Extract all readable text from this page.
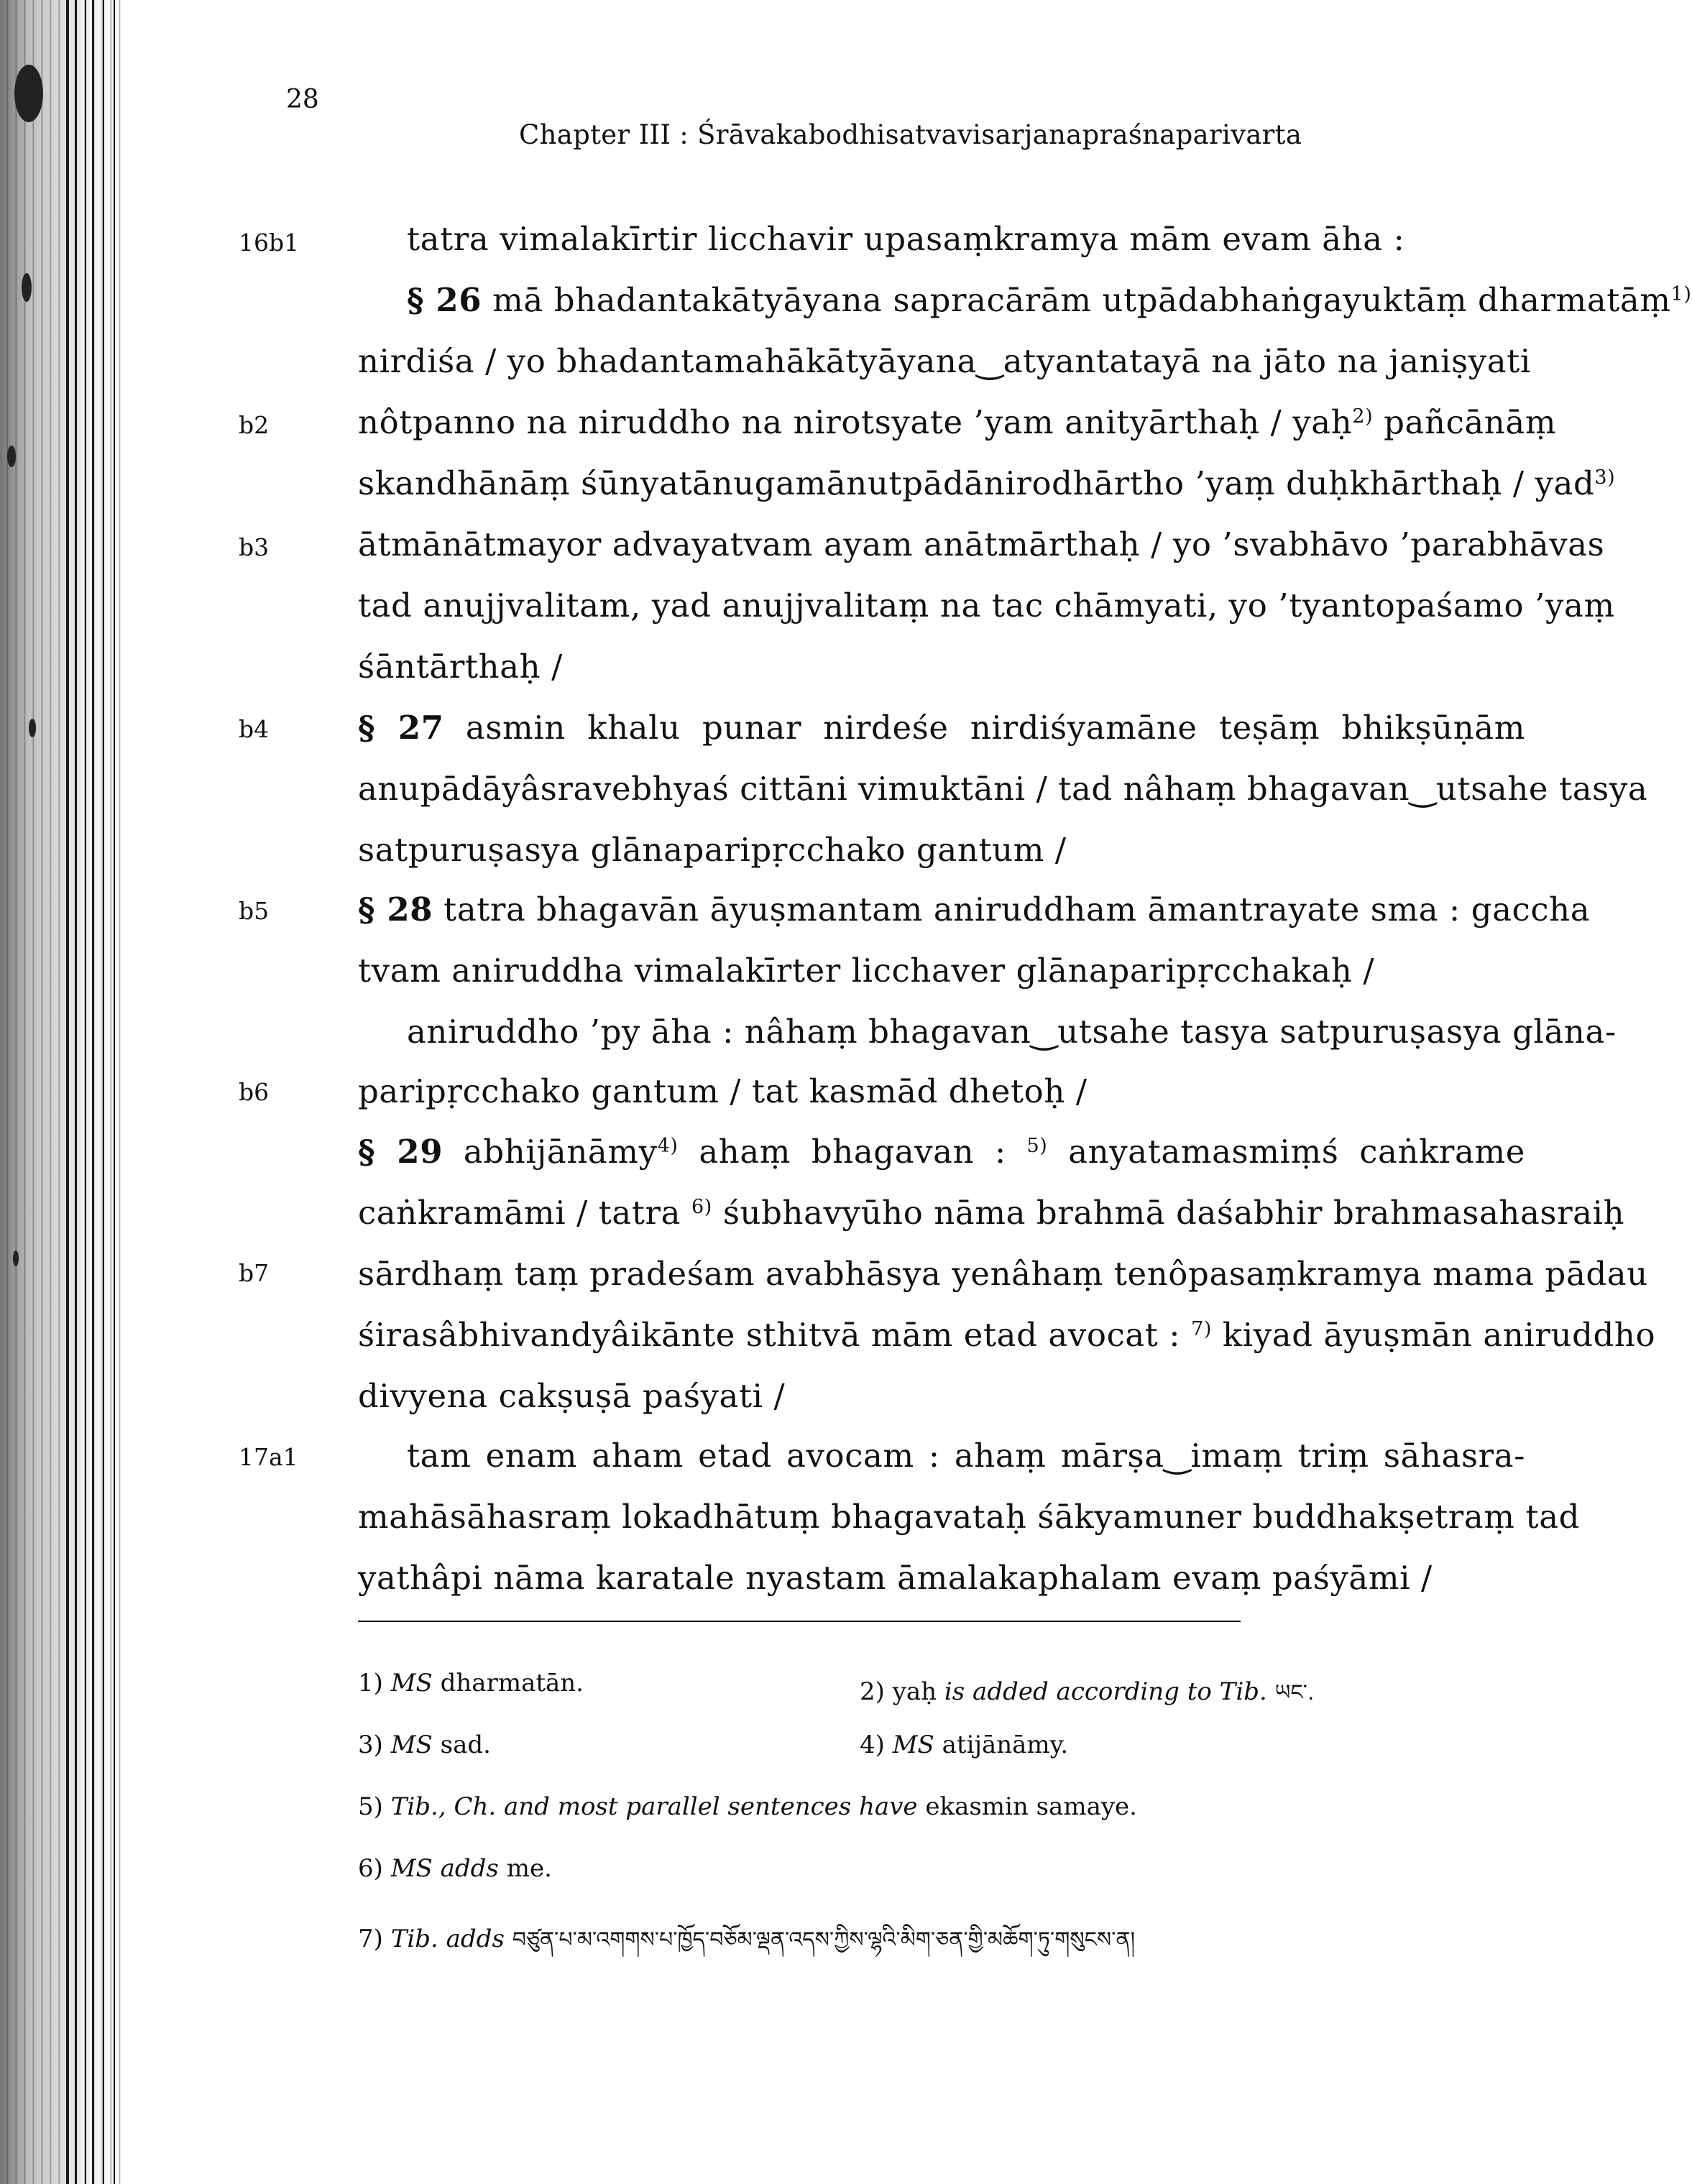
28
Chapter III : Śrāvakabodhisatvavisarjanapraśnaparivarta
16b1
b2
b3
b4
b5
b6
b7
17a1
tatra vimalakīrtir licchavir upasaṃkramya mām evam āha :
§ 26 mā bhadantakātyāyana sapracārām utpādabhaṅgayuktāṃ dharmatāṃ$^{1)}$
nirdiśa / yo bhadantamahākātyāyana‿atyantatayā na jāto na janiṣyati
nôtpanno na niruddho na nirotsyate ’yam anityārthaḥ / yaḥ$^{2)}$ pañcānāṃ
skandhānāṃ śūnyatānugamānutpādānirodhārtho ’yaṃ duḥkhārthaḥ / yad$^{3)}$
ātmānātmayor advayatvam ayam anātmārthaḥ / yo ’svabhāvo ’parabhāvas
tad anujjvalitam, yad anujjvalitaṃ na tac chāmyati, yo ’tyantopaśamo ’yaṃ
śāntārthaḥ /
§ 27 asmin khalu punar nirdeśe nirdiśyamāne teṣāṃ bhikṣūṇām
anupādāyâsravebhyaś cittāni vimuktāni / tad nâhaṃ bhagavan‿utsahe tasya
satpuruṣasya glānaparipṛcchako gantum /
§ 28 tatra bhagavān āyuṣmantam aniruddham āmantrayate sma : gaccha
tvam aniruddha vimalakīrter licchaver glānaparipṛcchakaḥ /
aniruddho ’py āha : nâhaṃ bhagavan‿utsahe tasya satpuruṣasya glāna-
paripṛcchako gantum / tat kasmād dhetoḥ /
§ 29 abhijānāmy$^{4)}$ ahaṃ bhagavan : $^{5)}$ anyatamasmiṃś caṅkrame
caṅkramāmi / tatra $^{6)}$ śubhavyūho nāma brahmā daśabhir brahmasahasraiḥ
sārdhaṃ taṃ pradeśam avabhāsya yenâhaṃ tenôpasaṃkramya mama pādau
śirasâbhivandyâikānte sthitvā mām etad avocat : $^{7)}$ kiyad āyuṣmān aniruddho
divyena cakṣuṣā paśyati /
tam enam aham etad avocam : ahaṃ mārṣa‿imaṃ triṃ sāhasra-
mahāsāhasraṃ lokadhātuṃ bhagavataḥ śākyamuner buddhakṣetraṃ tad
yathâpi nāma karatale nyastam āmalakaphalam evaṃ paśyāmi /
1) MS dharmatān.	2) yaḥ is added according to Tib. ཡང་.
3) MS sad.	4) MS atijānāmy.
5) Tib., Ch. and most parallel sentences have ekasmin samaye.
6) MS adds me.
7) Tib. adds བཙུན་པ་མ་འགགས་པ་ཁྱོད་བཅོམ་ལྡན་འདས་ཀྱིས་ལྷའི་མིག་ཅན་གྱི་མཆོག་ཏུ་གསུངས་ན།
